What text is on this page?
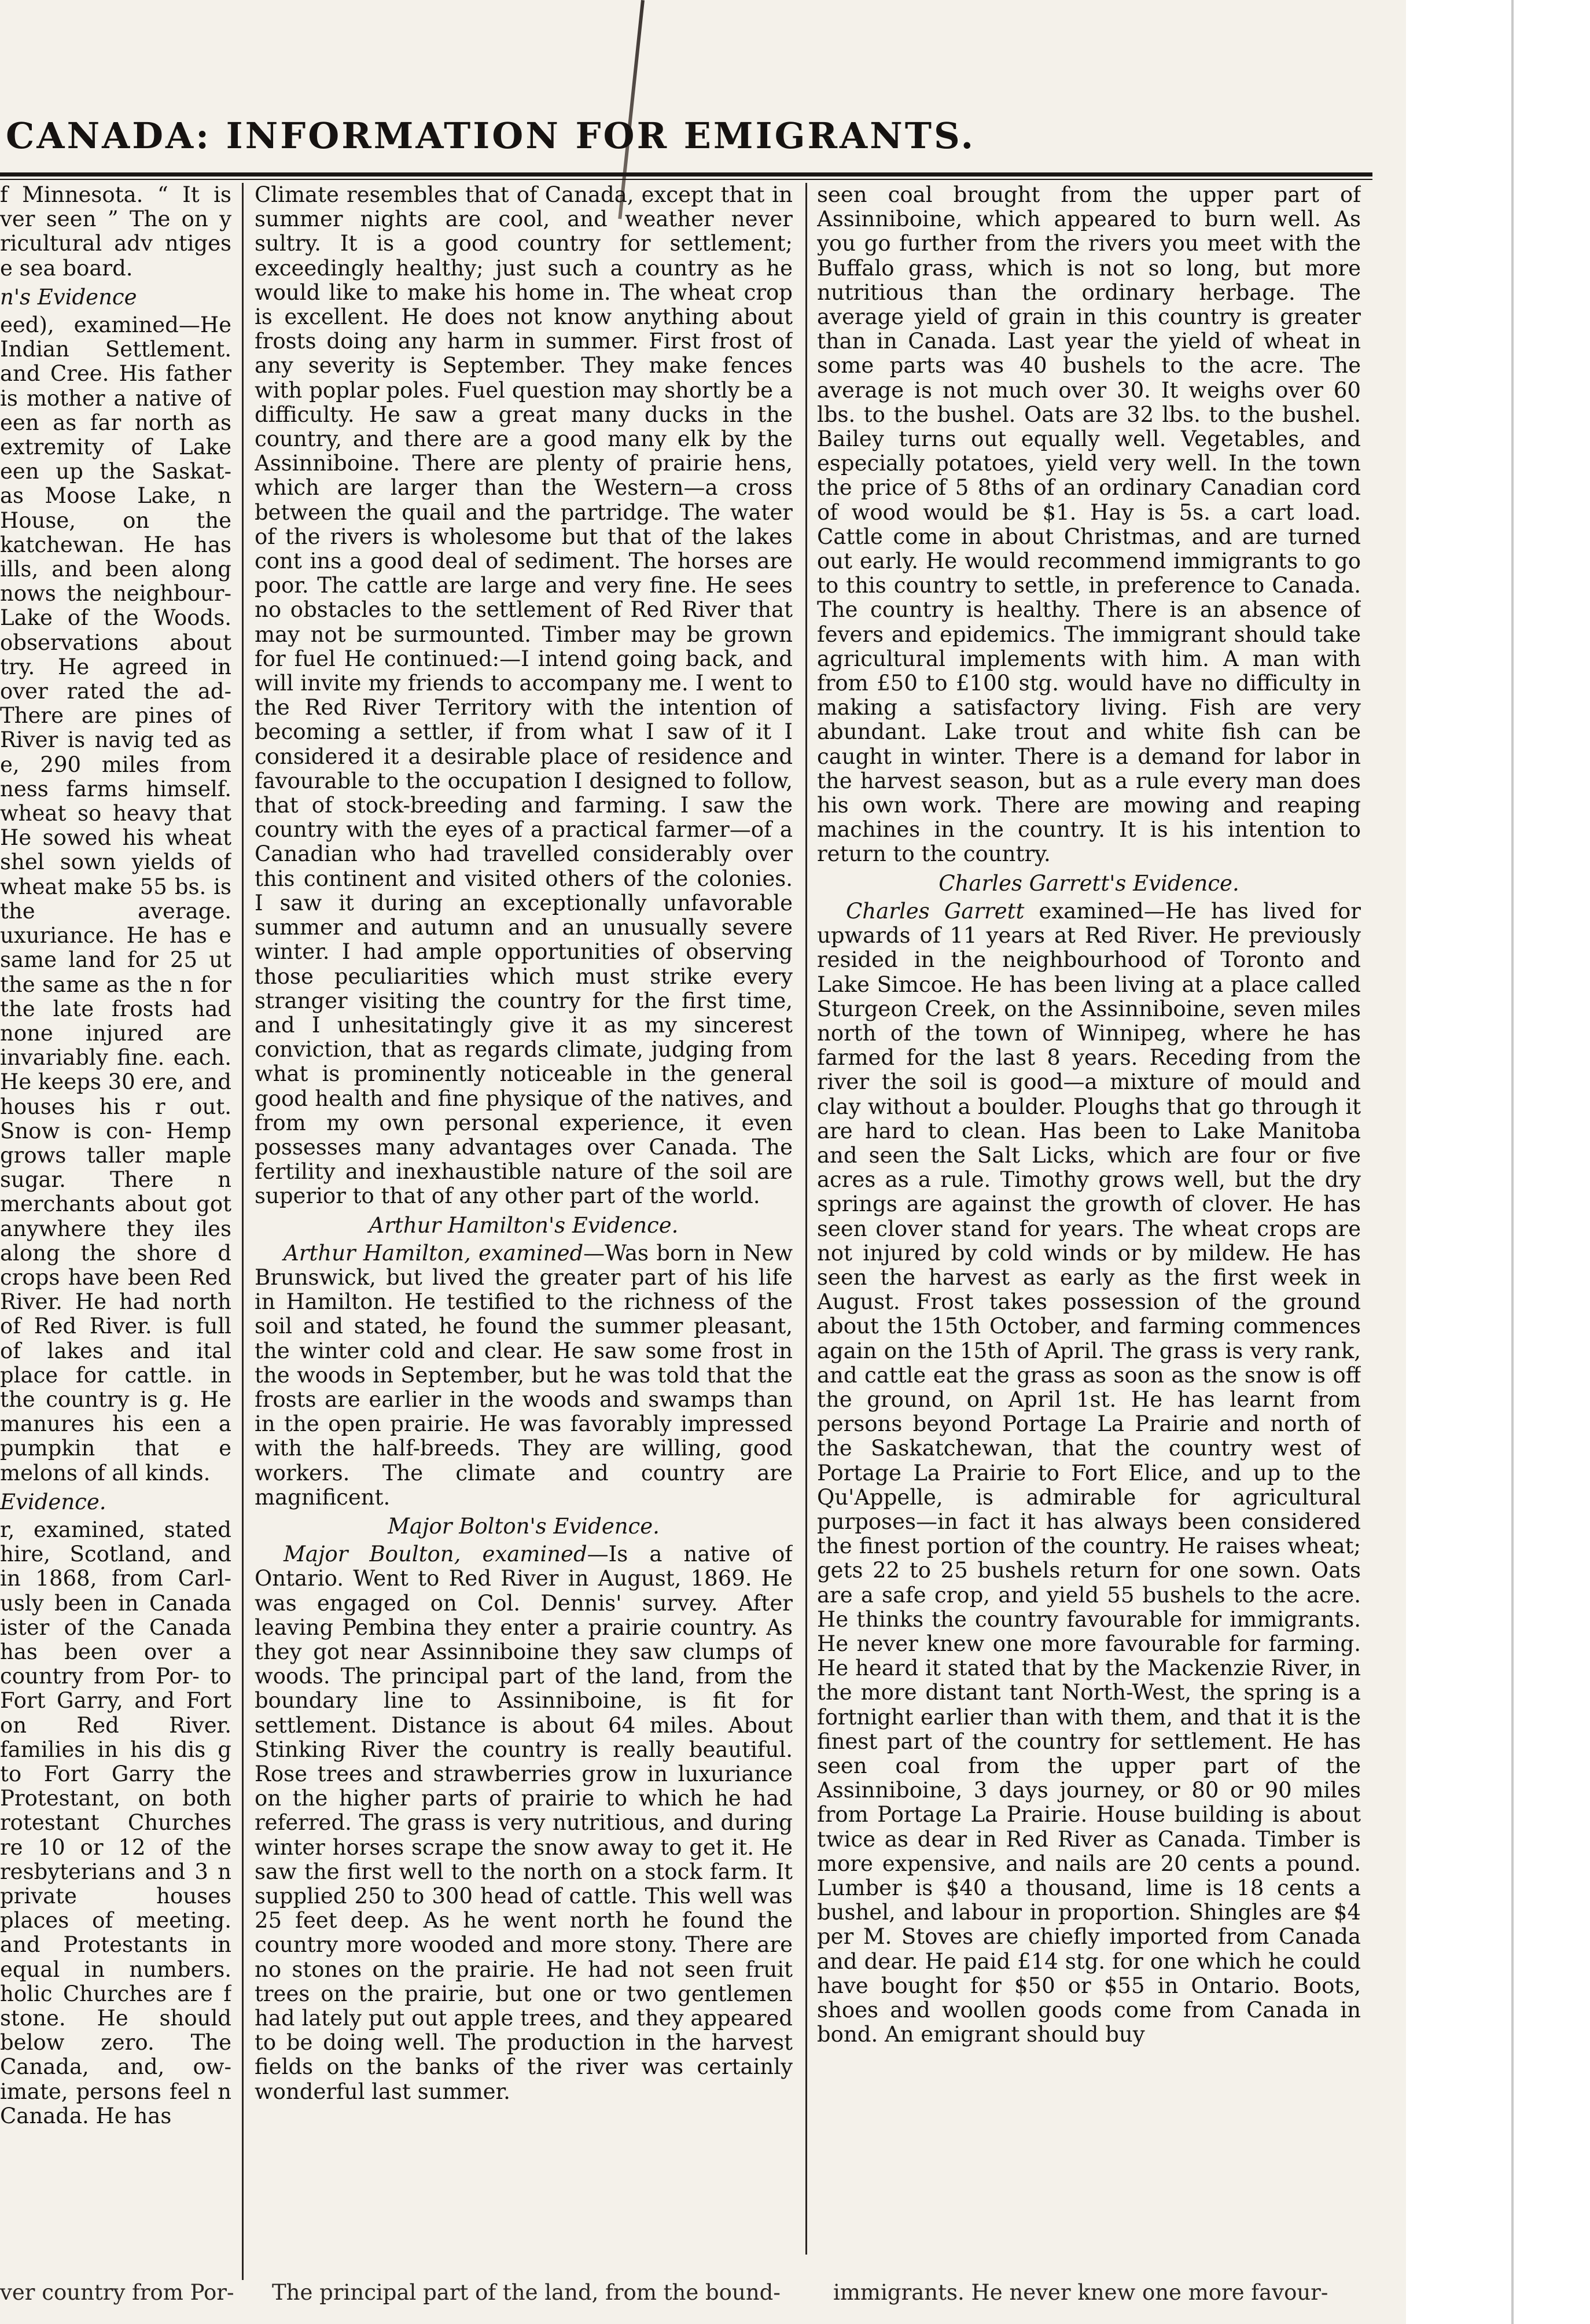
CANADA: INFORMATION FOR EMIGRANTS.

f Minnesota. “ It is ver seen ” The on y ricultural adv ntiges e sea board.

n's Evidence

eed), examined—He Indian Settlement. and Cree. His father is mother a native of een as far north as extremity of Lake een up the Saskat- as Moose Lake, n House, on the katchewan. He has ills, and been along nows the neighbour- Lake of the Woods. observations about try. He agreed in over rated the ad- There are pines of River is navig ted as e, 290 miles from ness farms himself. wheat so heavy that He sowed his wheat shel sown yields of wheat make 55 bs. is the average. uxuriance. He has e same land for 25 ut the same as the n for the late frosts had none injured are invariably fine. each. He keeps 30 ere, and houses his r out. Snow is con- Hemp grows taller maple sugar. There n merchants about got anywhere they iles along the shore d crops have been Red River. He had north of Red River. is full of lakes and ital place for cattle. in the country is g. He manures his een a pumpkin that e melons of all kinds.

Evidence.

r, examined, stated hire, Scotland, and in 1868, from Carl- usly been in Canada ister of the Canada has been over a country from Por- to Fort Garry, and Fort on Red River. families in his dis g to Fort Garry the Protestant, on both rotestant Churches re 10 or 12 of the resbyterians and 3 n private houses places of meeting. and Protestants in equal in numbers. holic Churches are f stone. He should below zero. The Canada, and, ow- imate, persons feel n Canada. He has

Climate resembles that of Canada, except that in summer nights are cool, and weather never sultry. It is a good country for settlement; exceedingly healthy; just such a country as he would like to make his home in. The wheat crop is excellent. He does not know anything about frosts doing any harm in summer. First frost of any severity is September. They make fences with poplar poles. Fuel question may shortly be a difficulty. He saw a great many ducks in the country, and there are a good many elk by the Assinniboine. There are plenty of prairie hens, which are larger than the Western—a cross between the quail and the partridge. The water of the rivers is wholesome but that of the lakes cont ins a good deal of sediment. The horses are poor. The cattle are large and very fine. He sees no obstacles to the settlement of Red River that may not be surmounted. Timber may be grown for fuel He continued:—I intend going back, and will invite my friends to accompany me. I went to the Red River Territory with the intention of becoming a settler, if from what I saw of it I considered it a desirable place of residence and favourable to the occupation I designed to follow, that of stock-breeding and farming. I saw the country with the eyes of a practical farmer—of a Canadian who had travelled considerably over this continent and visited others of the colonies. I saw it during an exceptionally unfavorable summer and autumn and an unusually severe winter. I had ample opportunities of observing those peculiarities which must strike every stranger visiting the country for the first time, and I unhesitatingly give it as my sincerest conviction, that as regards climate, judging from what is prominently noticeable in the general good health and fine physique of the natives, and from my own personal experience, it even possesses many advantages over Canada. The fertility and inexhaustible nature of the soil are superior to that of any other part of the world.

Arthur Hamilton's Evidence.

Arthur Hamilton, examined—Was born in New Brunswick, but lived the greater part of his life in Hamilton. He testified to the richness of the soil and stated, he found the summer pleasant, the winter cold and clear. He saw some frost in the woods in September, but he was told that the frosts are earlier in the woods and swamps than in the open prairie. He was favorably impressed with the half-breeds. They are willing, good workers. The climate and country are magnificent.

Major Bolton's Evidence.

Major Boulton, examined—Is a native of Ontario. Went to Red River in August, 1869. He was engaged on Col. Dennis' survey. After leaving Pembina they enter a prairie country. As they got near Assinniboine they saw clumps of woods. The principal part of the land, from the boundary line to Assinniboine, is fit for settlement. Distance is about 64 miles. About Stinking River the country is really beautiful. Rose trees and strawberries grow in luxuriance on the higher parts of prairie to which he had referred. The grass is very nutritious, and during winter horses scrape the snow away to get it. He saw the first well to the north on a stock farm. It supplied 250 to 300 head of cattle. This well was 25 feet deep. As he went north he found the country more wooded and more stony. There are no stones on the prairie. He had not seen fruit trees on the prairie, but one or two gentlemen had lately put out apple trees, and they appeared to be doing well. The production in the harvest fields on the banks of the river was certainly wonderful last summer.

seen coal brought from the upper part of Assinniboine, which appeared to burn well. As you go further from the rivers you meet with the Buffalo grass, which is not so long, but more nutritious than the ordinary herbage. The average yield of grain in this country is greater than in Canada. Last year the yield of wheat in some parts was 40 bushels to the acre. The average is not much over 30. It weighs over 60 lbs. to the bushel. Oats are 32 lbs. to the bushel. Bailey turns out equally well. Vegetables, and especially potatoes, yield very well. In the town the price of 5 8ths of an ordinary Canadian cord of wood would be $1. Hay is 5s. a cart load. Cattle come in about Christmas, and are turned out early. He would recommend immigrants to go to this country to settle, in preference to Canada. The country is healthy. There is an absence of fevers and epidemics. The immigrant should take agricultural implements with him. A man with from £50 to £100 stg. would have no difficulty in making a satisfactory living. Fish are very abundant. Lake trout and white fish can be caught in winter. There is a demand for labor in the harvest season, but as a rule every man does his own work. There are mowing and reaping machines in the country. It is his intention to return to the country.

Charles Garrett's Evidence.

Charles Garrett examined—He has lived for upwards of 11 years at Red River. He previously resided in the neighbourhood of Toronto and Lake Simcoe. He has been living at a place called Sturgeon Creek, on the Assinniboine, seven miles north of the town of Winnipeg, where he has farmed for the last 8 years. Receding from the river the soil is good—a mixture of mould and clay without a boulder. Ploughs that go through it are hard to clean. Has been to Lake Manitoba and seen the Salt Licks, which are four or five acres as a rule. Timothy grows well, but the dry springs are against the growth of clover. He has seen clover stand for years. The wheat crops are not injured by cold winds or by mildew. He has seen the harvest as early as the first week in August. Frost takes possession of the ground about the 15th October, and farming commences again on the 15th of April. The grass is very rank, and cattle eat the grass as soon as the snow is off the ground, on April 1st. He has learnt from persons beyond Portage La Prairie and north of the Saskatchewan, that the country west of Portage La Prairie to Fort Elice, and up to the Qu'Appelle, is admirable for agricultural purposes—in fact it has always been considered the finest portion of the country. He raises wheat; gets 22 to 25 bushels return for one sown. Oats are a safe crop, and yield 55 bushels to the acre. He thinks the country favourable for immigrants. He never knew one more favourable for farming. He heard it stated that by the Mackenzie River, in the more distant tant North-West, the spring is a fortnight earlier than with them, and that it is the finest part of the country for settlement. He has seen coal from the upper part of the Assinniboine, 3 days journey, or 80 or 90 miles from Portage La Prairie. House building is about twice as dear in Red River as Canada. Timber is more expensive, and nails are 20 cents a pound. Lumber is $40 a thousand, lime is 18 cents a bushel, and labour in proportion. Shingles are $4 per M. Stoves are chiefly imported from Canada and dear. He paid £14 stg. for one which he could have bought for $50 or $55 in Ontario. Boots, shoes and woollen goods come from Canada in bond. An emigrant should buy

ver country from Por- The principal part of the land, from the bound- immigrants. He never knew one more favour-
